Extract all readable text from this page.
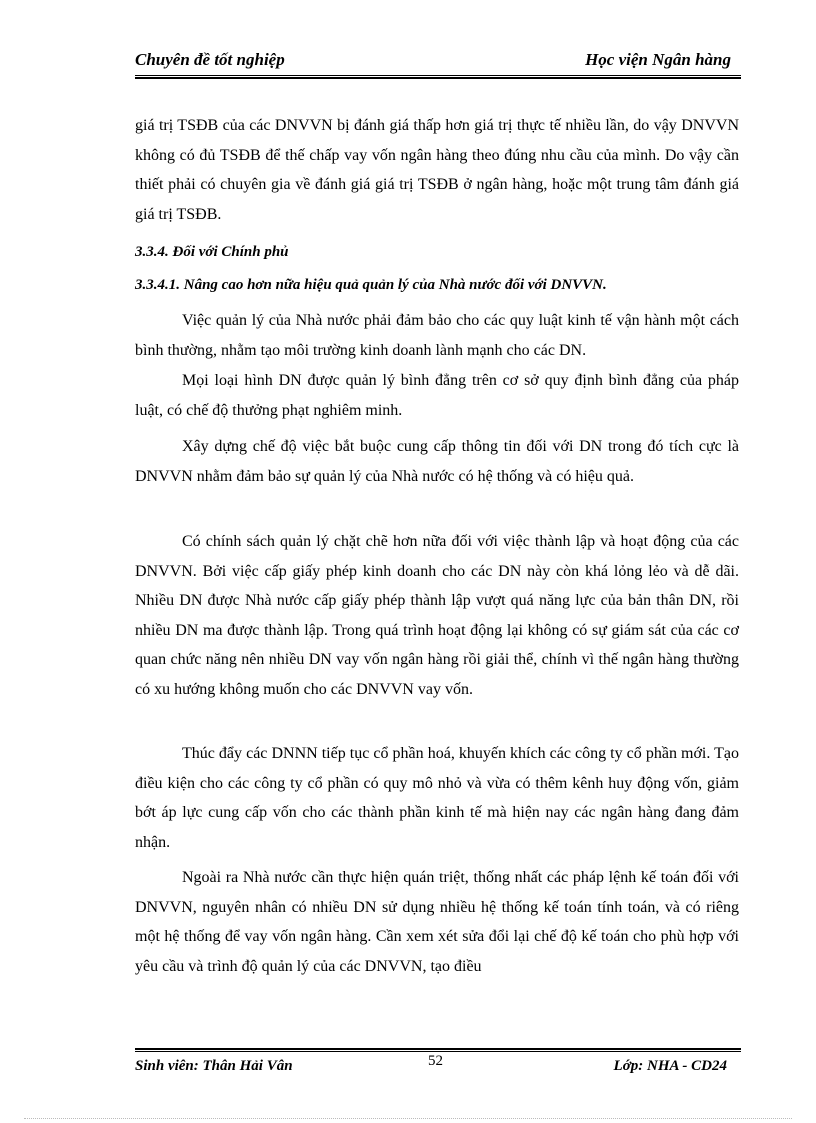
Chuyên đề tốt nghiệp	Học viện Ngân hàng
giá trị TSĐB của các DNVVN bị đánh giá thấp hơn giá trị thực tế nhiều lần, do vậy DNVVN không có đủ TSĐB để thế chấp vay vốn ngân hàng theo đúng nhu cầu của mình. Do vậy cần thiết phải có chuyên gia về đánh giá giá trị TSĐB ở ngân hàng, hoặc một trung tâm đánh giá giá trị TSĐB.
3.3.4. Đối với Chính phủ
3.3.4.1. Nâng cao hơn nữa hiệu quả quản lý của Nhà nước đối với DNVVN.
Việc quản lý của Nhà nước phải đảm bảo cho các quy luật kinh tế vận hành một cách bình thường, nhằm tạo môi trường kinh doanh lành mạnh cho các DN.
Mọi loại hình DN được quản lý bình đẳng trên cơ sở quy định bình đẳng của pháp luật, có chế độ thưởng phạt nghiêm minh.
Xây dựng chế độ việc bắt buộc cung cấp thông tin đối với DN trong đó tích cực là DNVVN nhằm đảm bảo sự quản lý của Nhà nước có hệ thống và có hiệu quả.
Có chính sách quản lý chặt chẽ hơn nữa đối với việc thành lập và hoạt động của các DNVVN. Bởi việc cấp giấy phép kinh doanh cho các DN này còn khá lỏng lẻo và dễ dãi. Nhiều DN được Nhà nước cấp giấy phép thành lập vượt quá năng lực của bản thân DN, rồi nhiều DN ma được thành lập. Trong quá trình hoạt động lại không có sự giám sát của các cơ quan chức năng nên nhiều DN vay vốn ngân hàng rồi giải thể, chính vì thế ngân hàng thường có xu hướng không muốn cho các DNVVN vay vốn.
Thúc đẩy các DNNN tiếp tục cổ phần hoá, khuyến khích các công ty cổ phần mới. Tạo điều kiện cho các công ty cổ phần có quy mô nhỏ và vừa có thêm kênh huy động vốn, giảm bớt áp lực cung cấp vốn cho các thành phần kinh tế mà hiện nay các ngân hàng đang đảm nhận.
Ngoài ra Nhà nước cần thực hiện quán triệt, thống nhất các pháp lệnh kế toán đối với DNVVN, nguyên nhân có nhiều DN sử dụng nhiều hệ thống kế toán tính toán, và có riêng một hệ thống để vay vốn ngân hàng. Cần xem xét sửa đổi lại chế độ kế toán cho phù hợp với yêu cầu và trình độ quản lý của các DNVVN, tạo điều
Sinh viên: Thân Hải Vân	52	Lớp: NHA - CD24
